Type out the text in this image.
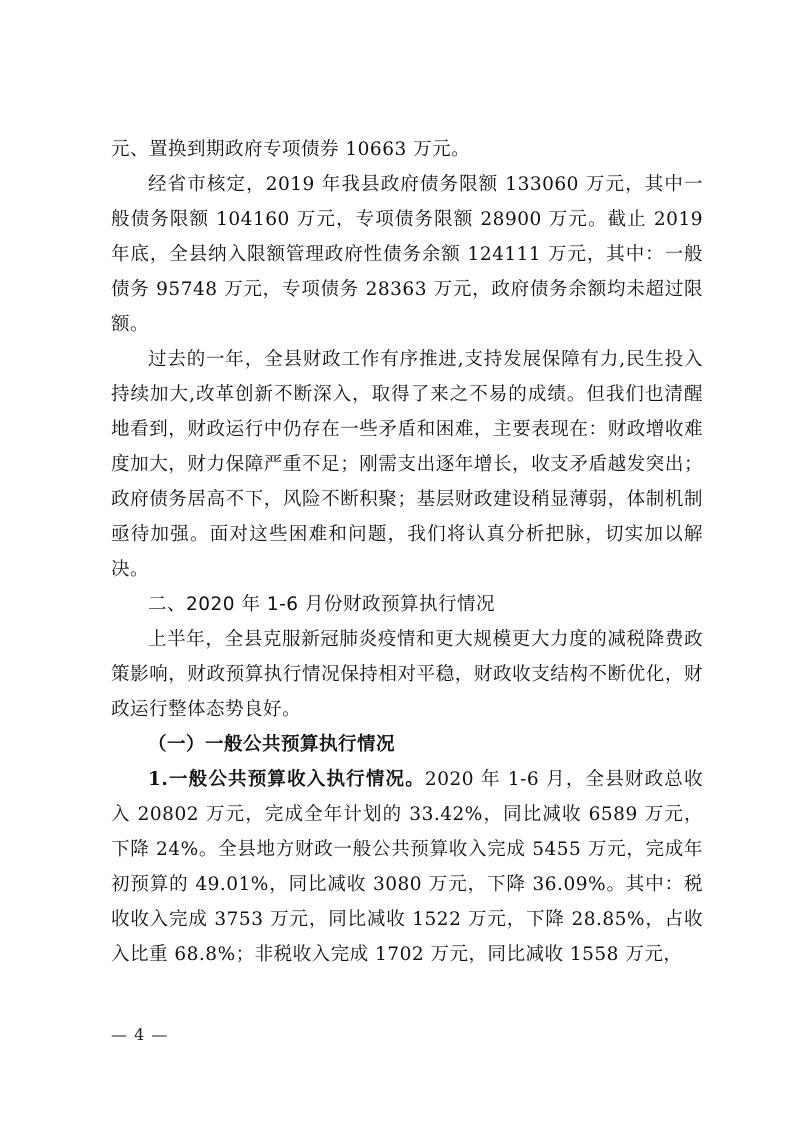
元、置换到期政府专项债券 10663 万元。

经省市核定，2019 年我县政府债务限额 133060 万元，其中一般债务限额 104160 万元，专项债务限额 28900 万元。截止 2019 年底，全县纳入限额管理政府性债务余额 124111 万元，其中：一般债务 95748 万元，专项债务 28363 万元，政府债务余额均未超过限额。

过去的一年，全县财政工作有序推进,支持发展保障有力,民生投入持续加大,改革创新不断深入，取得了来之不易的成绩。但我们也清醒地看到，财政运行中仍存在一些矛盾和困难，主要表现在：财政增收难度加大，财力保障严重不足；刚需支出逐年增长，收支矛盾越发突出；政府债务居高不下，风险不断积聚；基层财政建设稍显薄弱，体制机制亟待加强。面对这些困难和问题，我们将认真分析把脉，切实加以解决。

二、2020 年 1-6 月份财政预算执行情况

上半年，全县克服新冠肺炎疫情和更大规模更大力度的减税降费政策影响，财政预算执行情况保持相对平稳，财政收支结构不断优化，财政运行整体态势良好。

（一）一般公共预算执行情况

1.一般公共预算收入执行情况。2020 年 1-6 月，全县财政总收入 20802 万元，完成全年计划的 33.42%，同比减收 6589 万元，下降 24%。全县地方财政一般公共预算收入完成 5455 万元，完成年初预算的 49.01%，同比减收 3080 万元，下降 36.09%。其中：税收收入完成 3753 万元，同比减收 1522 万元，下降 28.85%，占收入比重 68.8%；非税收入完成 1702 万元，同比减收 1558 万元，

— 4 —
